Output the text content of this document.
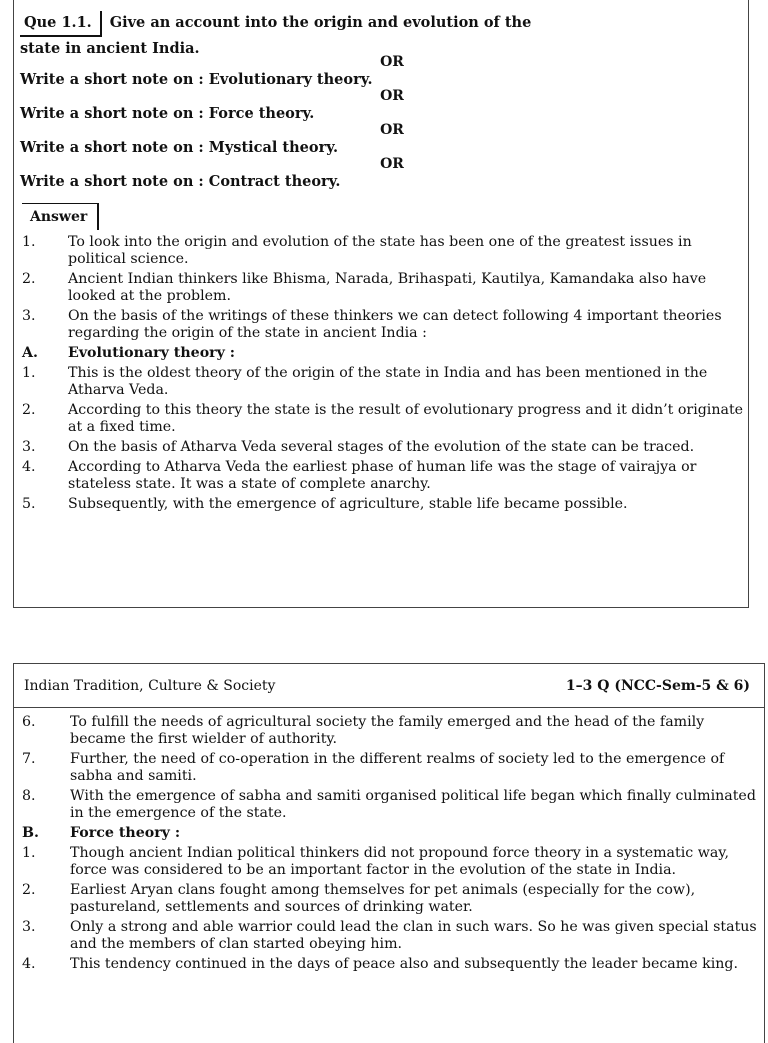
Que 1.1. Give an account into the origin and evolution of the
state in ancient India.
OR
Write a short note on : Evolutionary theory.
OR
Write a short note on : Force theory.
OR
Write a short note on : Mystical theory.
OR
Write a short note on : Contract theory.
Answer
1. To look into the origin and evolution of the state has been one of the greatest issues in political science.
2. Ancient Indian thinkers like Bhisma, Narada, Brihaspati, Kautilya, Kamandaka also have looked at the problem.
3. On the basis of the writings of these thinkers we can detect following 4 important theories regarding the origin of the state in ancient India :
A. Evolutionary theory :
1. This is the oldest theory of the origin of the state in India and has been mentioned in the Atharva Veda.
2. According to this theory the state is the result of evolutionary progress and it didn’t originate at a fixed time.
3. On the basis of Atharva Veda several stages of the evolution of the state can be traced.
4. According to Atharva Veda the earliest phase of human life was the stage of vairajya or stateless state. It was a state of complete anarchy.
5. Subsequently, with the emergence of agriculture, stable life became possible.
Indian Tradition, Culture & Society	1–3 Q (NCC-Sem-5 & 6)
6. To fulfill the needs of agricultural society the family emerged and the head of the family became the first wielder of authority.
7. Further, the need of co-operation in the different realms of society led to the emergence of sabha and samiti.
8. With the emergence of sabha and samiti organised political life began which finally culminated in the emergence of the state.
B. Force theory :
1. Though ancient Indian political thinkers did not propound force theory in a systematic way, force was considered to be an important factor in the evolution of the state in India.
2. Earliest Aryan clans fought among themselves for pet animals (especially for the cow), pastureland, settlements and sources of drinking water.
3. Only a strong and able warrior could lead the clan in such wars. So he was given special status and the members of clan started obeying him.
4. This tendency continued in the days of peace also and subsequently the leader became king.
